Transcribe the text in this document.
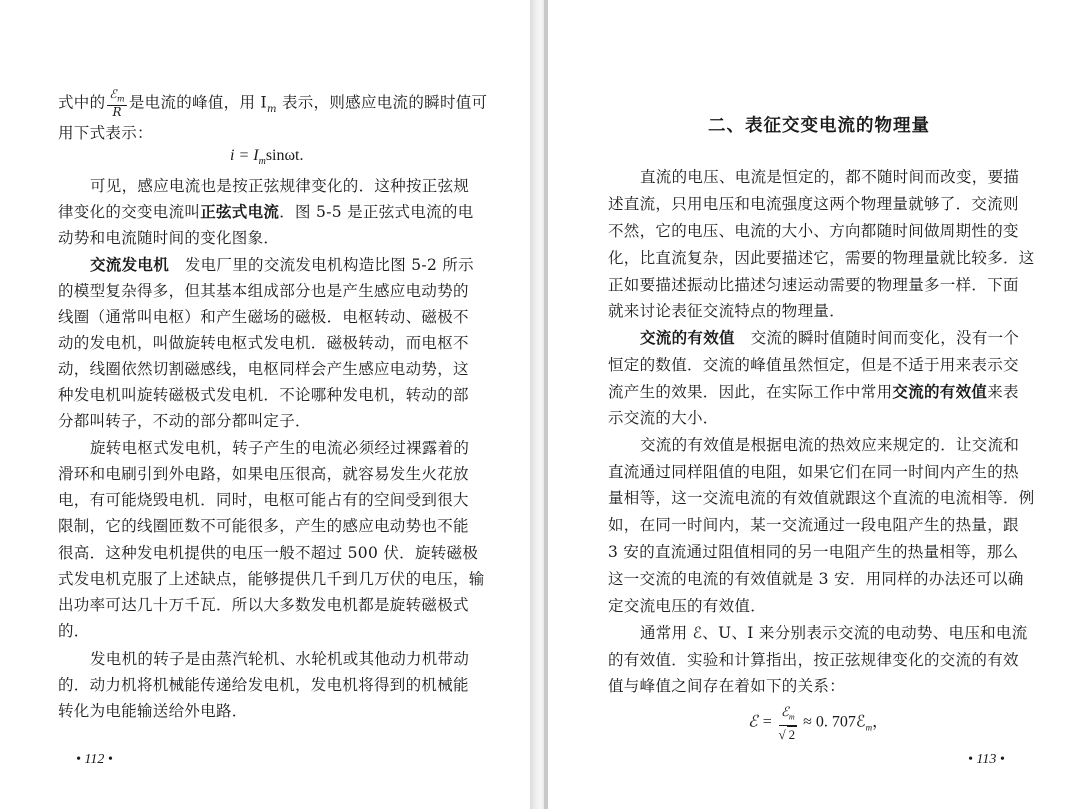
式中的 $\frac{ℰ_m}{R}$ 是电流的峰值，用 $I_m$ 表示，则感应电流的瞬时值可
用下式表示：
$i = I_m\sin\omega t$.
可见，感应电流也是按正弦规律变化的．这种按正弦规
律变化的交变电流叫正弦式电流．图 5-5 是正弦式电流的电
动势和电流随时间的变化图象．
交流发电机　发电厂里的交流发电机构造比图 5-2 所示
的模型复杂得多，但其基本组成部分也是产生感应电动势的
线圈（通常叫电枢）和产生磁场的磁极．电枢转动、磁极不
动的发电机，叫做旋转电枢式发电机．磁极转动，而电枢不
动，线圈依然切割磁感线，电枢同样会产生感应电动势，这
种发电机叫旋转磁极式发电机．不论哪种发电机，转动的部
分都叫转子，不动的部分都叫定子．
旋转电枢式发电机，转子产生的电流必须经过裸露着的
滑环和电刷引到外电路，如果电压很高，就容易发生火花放
电，有可能烧毁电机．同时，电枢可能占有的空间受到很大
限制，它的线圈匝数不可能很多，产生的感应电动势也不能
很高．这种发电机提供的电压一般不超过 500 伏．旋转磁极
式发电机克服了上述缺点，能够提供几千到几万伏的电压，输
出功率可达几十万千瓦．所以大多数发电机都是旋转磁极式
的．
发电机的转子是由蒸汽轮机、水轮机或其他动力机带动
的．动力机将机械能传递给发电机，发电机将得到的机械能
转化为电能输送给外电路．
• 112 •
二、表征交变电流的物理量
直流的电压、电流是恒定的，都不随时间而改变，要描
述直流，只用电压和电流强度这两个物理量就够了．交流则
不然，它的电压、电流的大小、方向都随时间做周期性的变
化，比直流复杂，因此要描述它，需要的物理量就比较多．这
正如要描述振动比描述匀速运动需要的物理量多一样．下面
就来讨论表征交流特点的物理量．
交流的有效值　交流的瞬时值随时间而变化，没有一个
恒定的数值．交流的峰值虽然恒定，但是不适于用来表示交
流产生的效果．因此，在实际工作中常用交流的有效值来表
示交流的大小．
交流的有效值是根据电流的热效应来规定的．让交流和
直流通过同样阻值的电阻，如果它们在同一时间内产生的热
量相等，这一交流电流的有效值就跟这个直流的电流相等．例
如，在同一时间内，某一交流通过一段电阻产生的热量，跟
3 安的直流通过阻值相同的另一电阻产生的热量相等，那么
这一交流的电流的有效值就是 3 安．用同样的办法还可以确
定交流电压的有效值．
通常用 ℰ、U、I 来分别表示交流的电动势、电压和电流
的有效值．实验和计算指出，按正弦规律变化的交流的有效
值与峰值之间存在着如下的关系：
ℰ = $\frac{ℰ_m}{√ 2} \approx 0$. 707ℰ$_m$，
• 113 •
